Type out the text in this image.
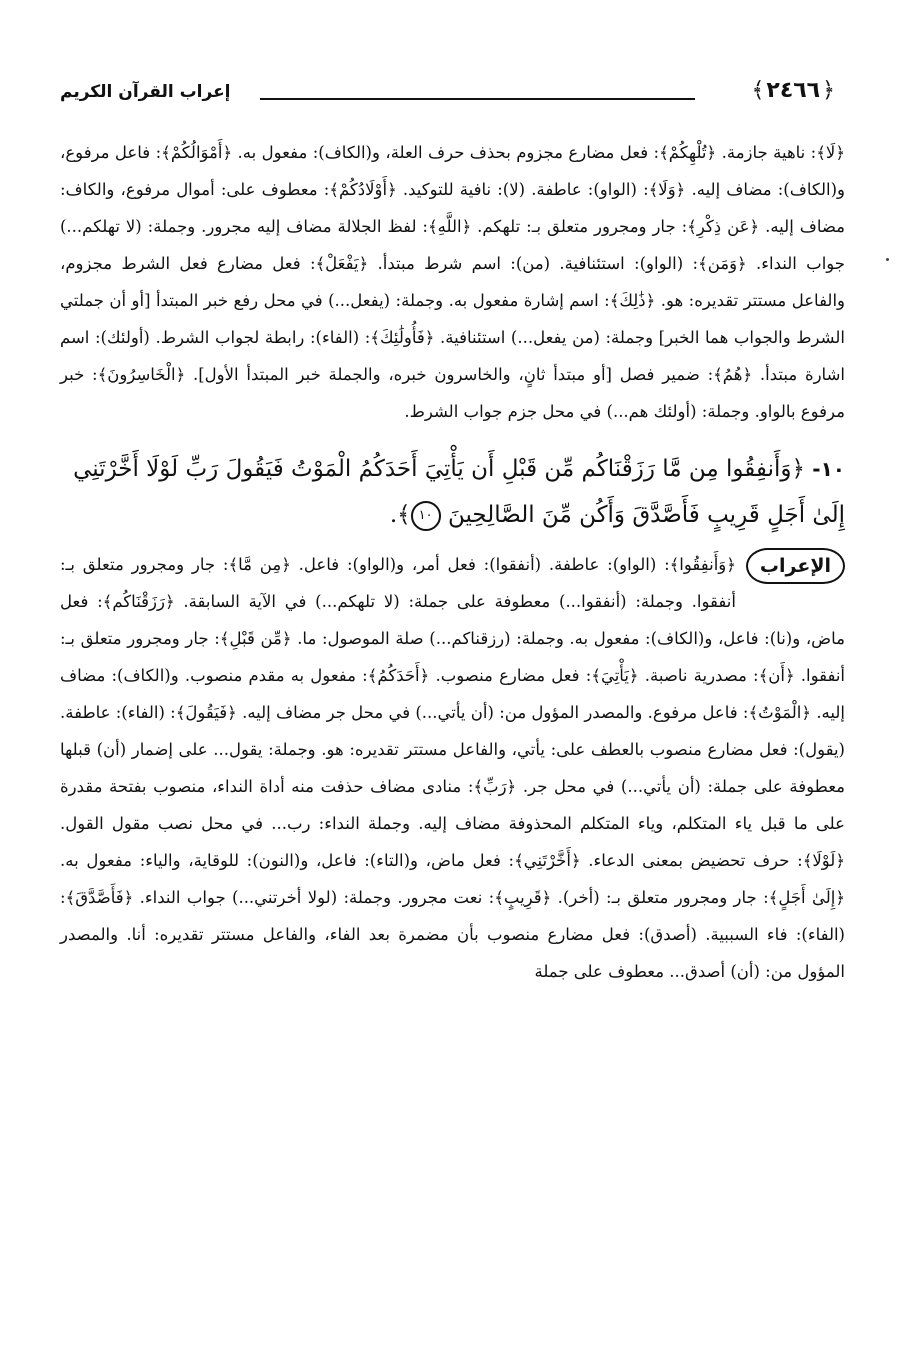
﴿ ٢٤٦٦ ﴾
إعراب القرآن الكريم

﴿لَا﴾: ناهية جازمة. ﴿تُلْهِكُمْ﴾: فعل مضارع مجزوم بحذف حرف العلة، و(الكاف): مفعول به. ﴿أَمْوَالُكُمْ﴾: فاعل مرفوع، و(الكاف): مضاف إليه. ﴿وَلَا﴾: (الواو): عاطفة. (لا): نافية للتوكيد. ﴿أَوْلَادُكُمْ﴾: معطوف على: أموال مرفوع، والكاف: مضاف إليه. ﴿عَن ذِكْرِ﴾: جار ومجرور متعلق بـ: تلهكم. ﴿اللَّهِ﴾: لفظ الجلالة مضاف إليه مجرور. وجملة: (لا تهلكم...) جواب النداء. ﴿وَمَن﴾: (الواو): استئنافية. (من): اسم شرط مبتدأ. ﴿يَفْعَلْ﴾: فعل مضارع فعل الشرط مجزوم، والفاعل مستتر تقديره: هو. ﴿ذَٰلِكَ﴾: اسم إشارة مفعول به. وجملة: (يفعل...) في محل رفع خبر المبتدأ [أو أن جملتي الشرط والجواب هما الخبر] وجملة: (من يفعل...) استئنافية. ﴿فَأُولَٰئِكَ﴾: (الفاء): رابطة لجواب الشرط. (أولئك): اسم اشارة مبتدأ. ﴿هُمُ﴾: ضمير فصل [أو مبتدأ ثانٍ، والخاسرون خبره، والجملة خبر المبتدأ الأول]. ﴿الْخَاسِرُونَ﴾: خبر مرفوع بالواو. وجملة: (أولئك هم...) في محل جزم جواب الشرط.

١٠- ﴿وَأَنفِقُوا مِن مَّا رَزَقْنَاكُم مِّن قَبْلِ أَن يَأْتِيَ أَحَدَكُمُ الْمَوْتُ فَيَقُولَ رَبِّ لَوْلَا أَخَّرْتَنِي إِلَىٰ أَجَلٍ قَرِيبٍ فَأَصَّدَّقَ وَأَكُن مِّنَ الصَّالِحِينَ ١٠﴾.

الإعراب

﴿وَأَنفِقُوا﴾: (الواو): عاطفة. (أنفقوا): فعل أمر، و(الواو): فاعل. ﴿مِن مَّا﴾: جار ومجرور متعلق بـ: أنفقوا. وجملة: (أنفقوا...) معطوفة على جملة: (لا تلهكم...) في الآية السابقة. ﴿رَزَقْنَاكُم﴾: فعل ماض، و(نا): فاعل، و(الكاف): مفعول به. وجملة: (رزقناكم...) صلة الموصول: ما. ﴿مِّن قَبْلِ﴾: جار ومجرور متعلق بـ: أنفقوا. ﴿أَن﴾: مصدرية ناصبة. ﴿يَأْتِيَ﴾: فعل مضارع منصوب. ﴿أَحَدَكُمُ﴾: مفعول به مقدم منصوب. و(الكاف): مضاف إليه. ﴿الْمَوْتُ﴾: فاعل مرفوع. والمصدر المؤول من: (أن يأتي...) في محل جر مضاف إليه. ﴿فَيَقُولَ﴾: (الفاء): عاطفة. (يقول): فعل مضارع منصوب بالعطف على: يأتي، والفاعل مستتر تقديره: هو. وجملة: يقول... على إضمار (أن) قبلها معطوفة على جملة: (أن يأتي...) في محل جر. ﴿رَبِّ﴾: منادى مضاف حذفت منه أداة النداء، منصوب بفتحة مقدرة على ما قبل ياء المتكلم، وياء المتكلم المحذوفة مضاف إليه. وجملة النداء: رب... في محل نصب مقول القول. ﴿لَوْلَا﴾: حرف تحضيض بمعنى الدعاء. ﴿أَخَّرْتَنِي﴾: فعل ماض، و(التاء): فاعل، و(النون): للوقاية، والياء: مفعول به. ﴿إِلَىٰ أَجَلٍ﴾: جار ومجرور متعلق بـ: (أخر). ﴿قَرِيبٍ﴾: نعت مجرور. وجملة: (لولا أخرتني...) جواب النداء. ﴿فَأَصَّدَّقَ﴾: (الفاء): فاء السببية. (أصدق): فعل مضارع منصوب بأن مضمرة بعد الفاء، والفاعل مستتر تقديره: أنا. والمصدر المؤول من: (أن) أصدق... معطوف على جملة
